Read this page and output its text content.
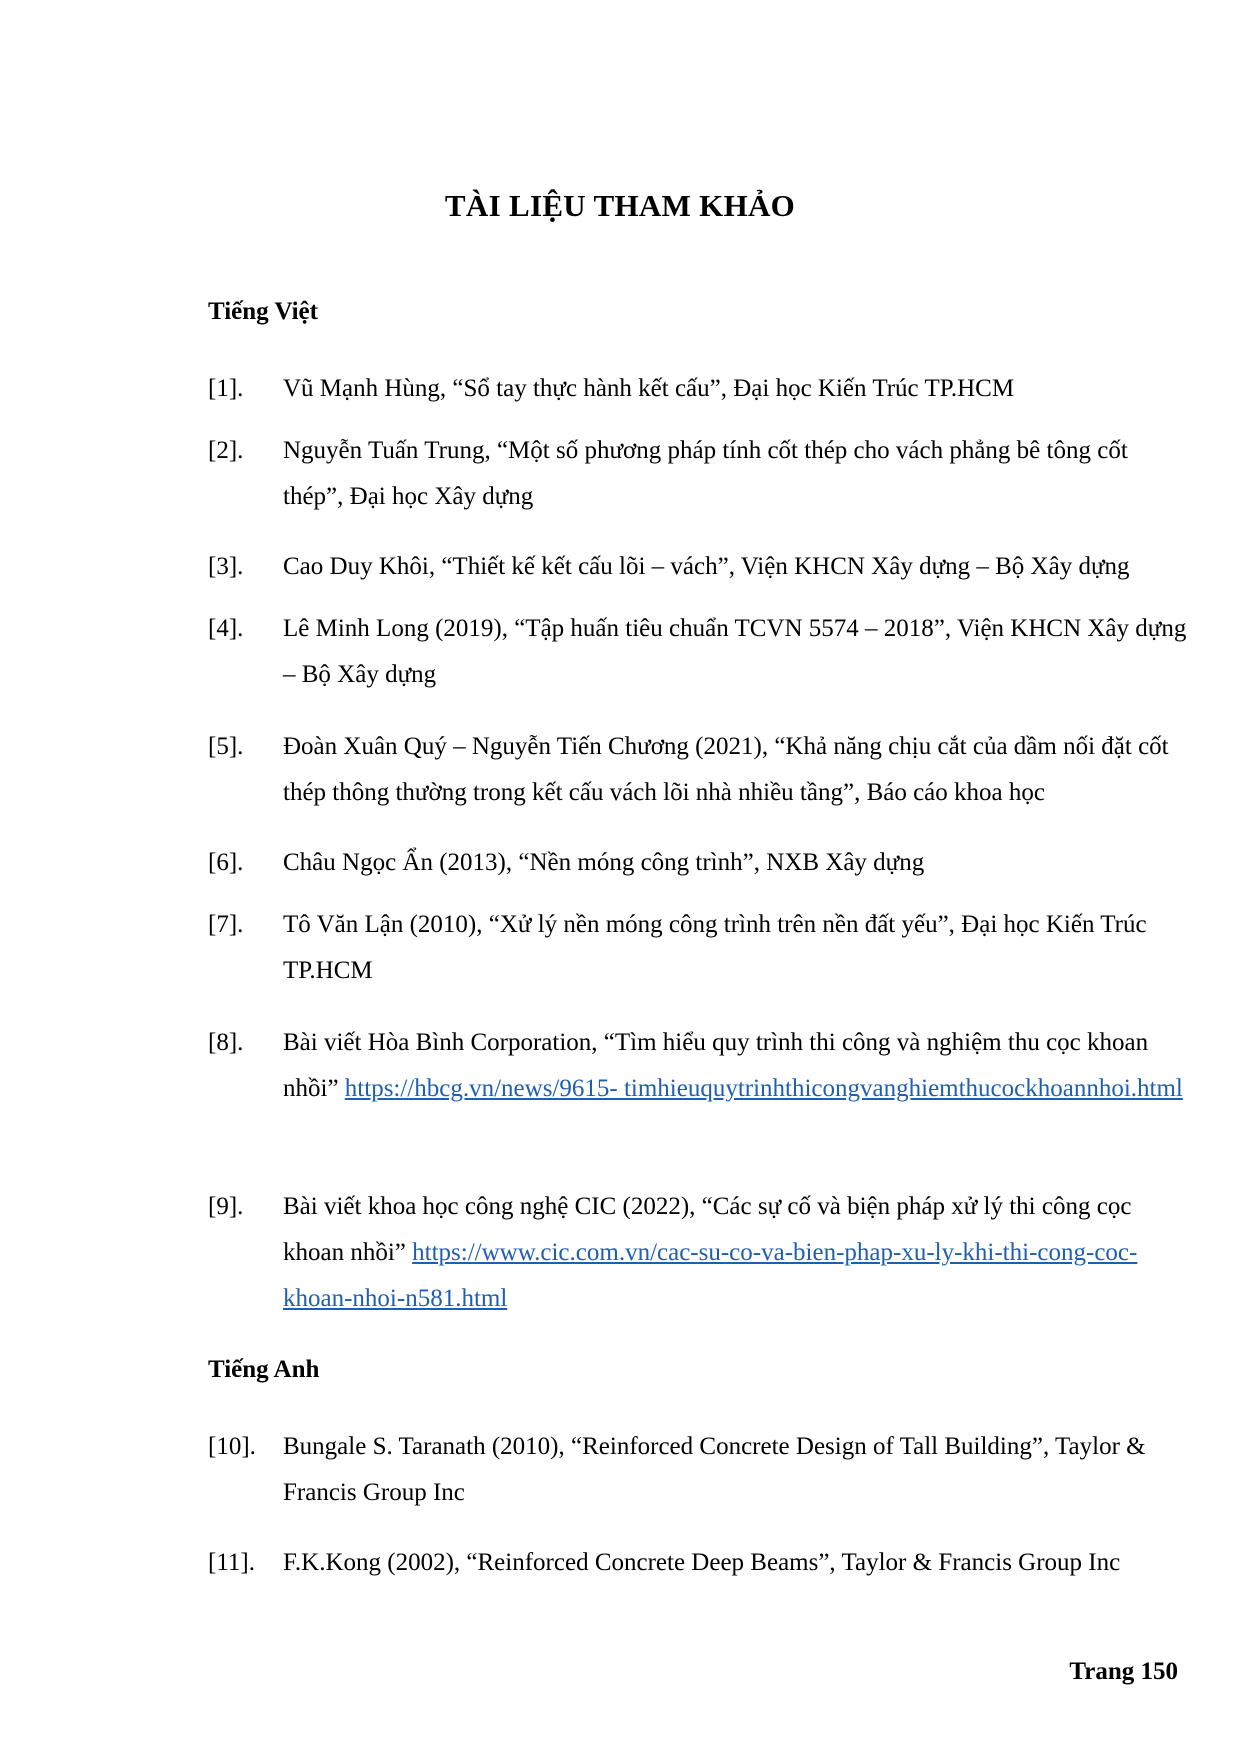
TÀI LIỆU THAM KHẢO
Tiếng Việt
[1]. Vũ Mạnh Hùng, “Sổ tay thực hành kết cấu”, Đại học Kiến Trúc TP.HCM
[2]. Nguyễn Tuấn Trung, “Một số phương pháp tính cốt thép cho vách phẳng bê tông cốt thép”, Đại học Xây dựng
[3]. Cao Duy Khôi, “Thiết kế kết cấu lõi – vách”, Viện KHCN Xây dựng – Bộ Xây dựng
[4]. Lê Minh Long (2019), “Tập huấn tiêu chuẩn TCVN 5574 – 2018”, Viện KHCN Xây dựng – Bộ Xây dựng
[5]. Đoàn Xuân Quý – Nguyễn Tiến Chương (2021), “Khả năng chịu cắt của dầm nối đặt cốt thép thông thường trong kết cấu vách lõi nhà nhiều tầng”, Báo cáo khoa học
[6]. Châu Ngọc Ẩn (2013), “Nền móng công trình”, NXB Xây dựng
[7]. Tô Văn Lận (2010), “Xử lý nền móng công trình trên nền đất yếu”, Đại học Kiến Trúc TP.HCM
[8]. Bài viết Hòa Bình Corporation, “Tìm hiểu quy trình thi công và nghiệm thu cọc khoan nhồi” https://hbcg.vn/news/9615- timhieuquytrinhthicongvanghiemthucockhoannhoi.html
[9]. Bài viết khoa học công nghệ CIC (2022), “Các sự cố và biện pháp xử lý thi công cọc khoan nhồi” https://www.cic.com.vn/cac-su-co-va-bien-phap-xu-ly-khi-thi-cong-coc-khoan-nhoi-n581.html
Tiếng Anh
[10]. Bungale S. Taranath (2010), “Reinforced Concrete Design of Tall Building”, Taylor & Francis Group Inc
[11]. F.K.Kong (2002), “Reinforced Concrete Deep Beams”, Taylor & Francis Group Inc
Trang 150
